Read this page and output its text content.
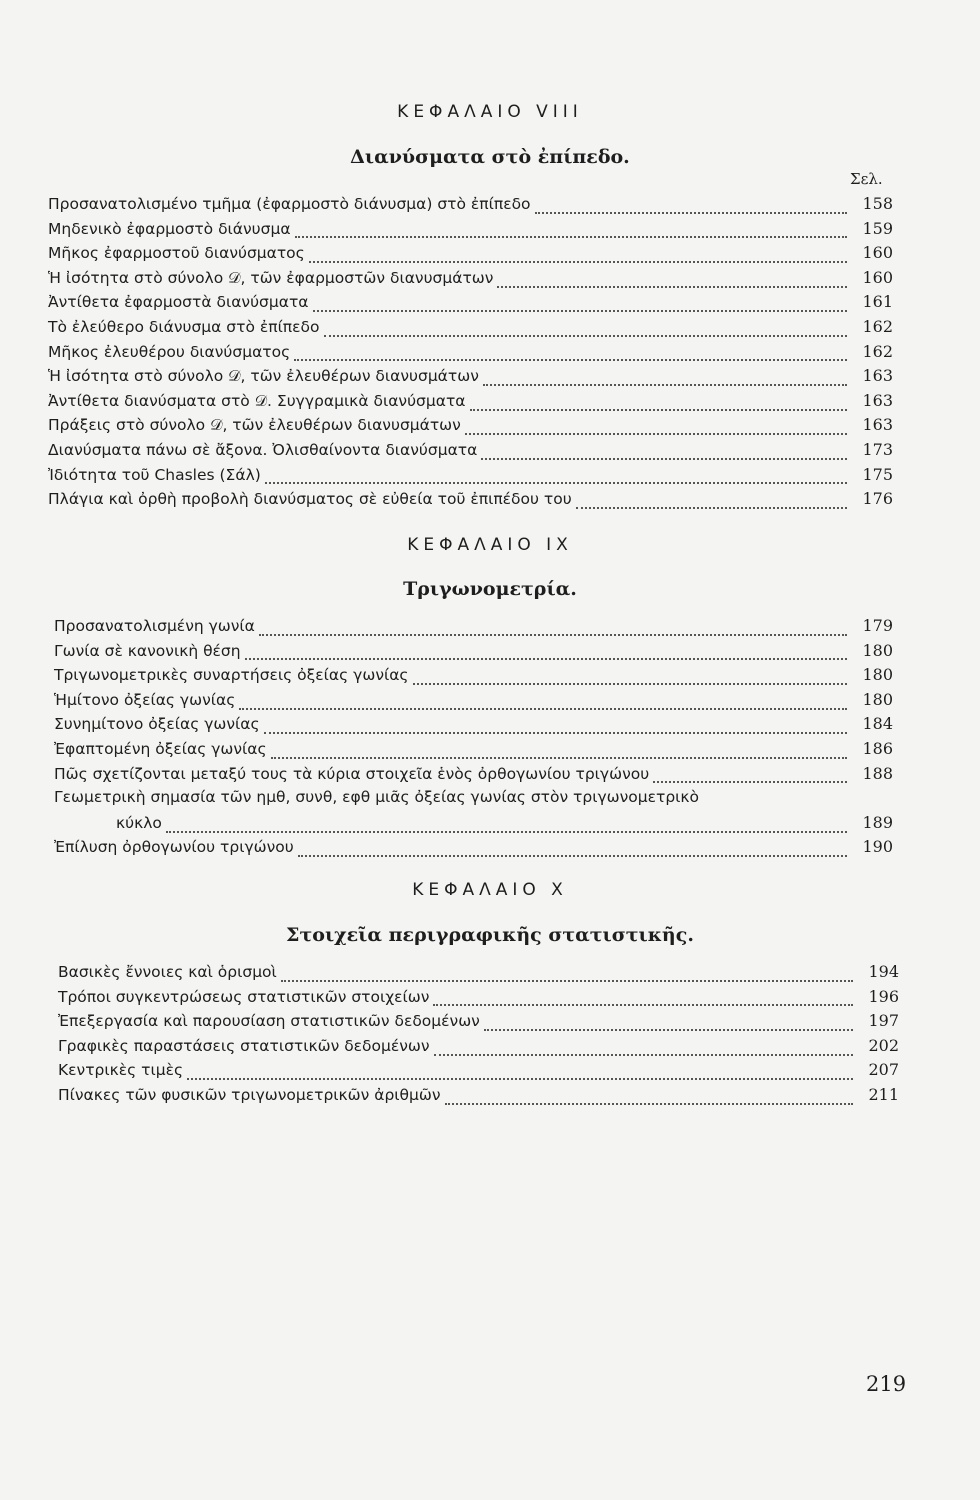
ΚΕΦΑΛΑΙΟ VIII
Διανύσματα στὸ ἐπίπεδο.
Σελ.
Προσανατολισμένο τμῆμα (ἐφαρμοστὸ διάνυσμα) στὸ ἐπίπεδο	158
Μηδενικὸ ἐφαρμοστὸ διάνυσμα	159
Μῆκος ἐφαρμοστοῦ διανύσματος	160
Ἡ ἰσότητα στὸ σύνολο 𝒟, τῶν ἐφαρμοστῶν διανυσμάτων	160
Ἀντίθετα ἐφαρμοστὰ διανύσματα	161
Τὸ ἐλεύθερο διάνυσμα στὸ ἐπίπεδο	162
Μῆκος ἐλευθέρου διανύσματος	162
Ἡ ἰσότητα στὸ σύνολο 𝒟, τῶν ἐλευθέρων διανυσμάτων	163
Ἀντίθετα διανύσματα στὸ 𝒟. Συγγραμικὰ διανύσματα	163
Πράξεις στὸ σύνολο 𝒟, τῶν ἐλευθέρων διανυσμάτων	163
Διανύσματα πάνω σὲ ἄξονα. Ὀλισθαίνοντα διανύσματα	173
Ἰδιότητα τοῦ Chasles (Σάλ)	175
Πλάγια καὶ ὀρθὴ προβολὴ διανύσματος σὲ εὐθεία τοῦ ἐπιπέδου του	176
ΚΕΦΑΛΑΙΟ IX
Τριγωνομετρία.
Προσανατολισμένη γωνία	179
Γωνία σὲ κανονικὴ θέση	180
Τριγωνομετρικὲς συναρτήσεις ὀξείας γωνίας	180
Ἡμίτονο ὀξείας γωνίας	180
Συνημίτονο ὀξείας γωνίας	184
Ἐφαπτομένη ὀξείας γωνίας	186
Πῶς σχετίζονται μεταξύ τους τὰ κύρια στοιχεῖα ἑνὸς ὀρθογωνίου τριγώνου	188
Γεωμετρικὴ σημασία τῶν ημθ, συνθ, εφθ μιᾶς ὀξείας γωνίας στὸν τριγωνομετρικὸ
κύκλο	189
Ἐπίλυση ὀρθογωνίου τριγώνου	190
ΚΕΦΑΛΑΙΟ X
Στοιχεῖα περιγραφικῆς στατιστικῆς.
Βασικὲς ἔννοιες καὶ ὁρισμοὶ	194
Τρόποι συγκεντρώσεως στατιστικῶν στοιχείων	196
Ἐπεξεργασία καὶ παρουσίαση στατιστικῶν δεδομένων	197
Γραφικὲς παραστάσεις στατιστικῶν δεδομένων	202
Κεντρικὲς τιμὲς	207
Πίνακες τῶν φυσικῶν τριγωνομετρικῶν ἀριθμῶν	211
219
